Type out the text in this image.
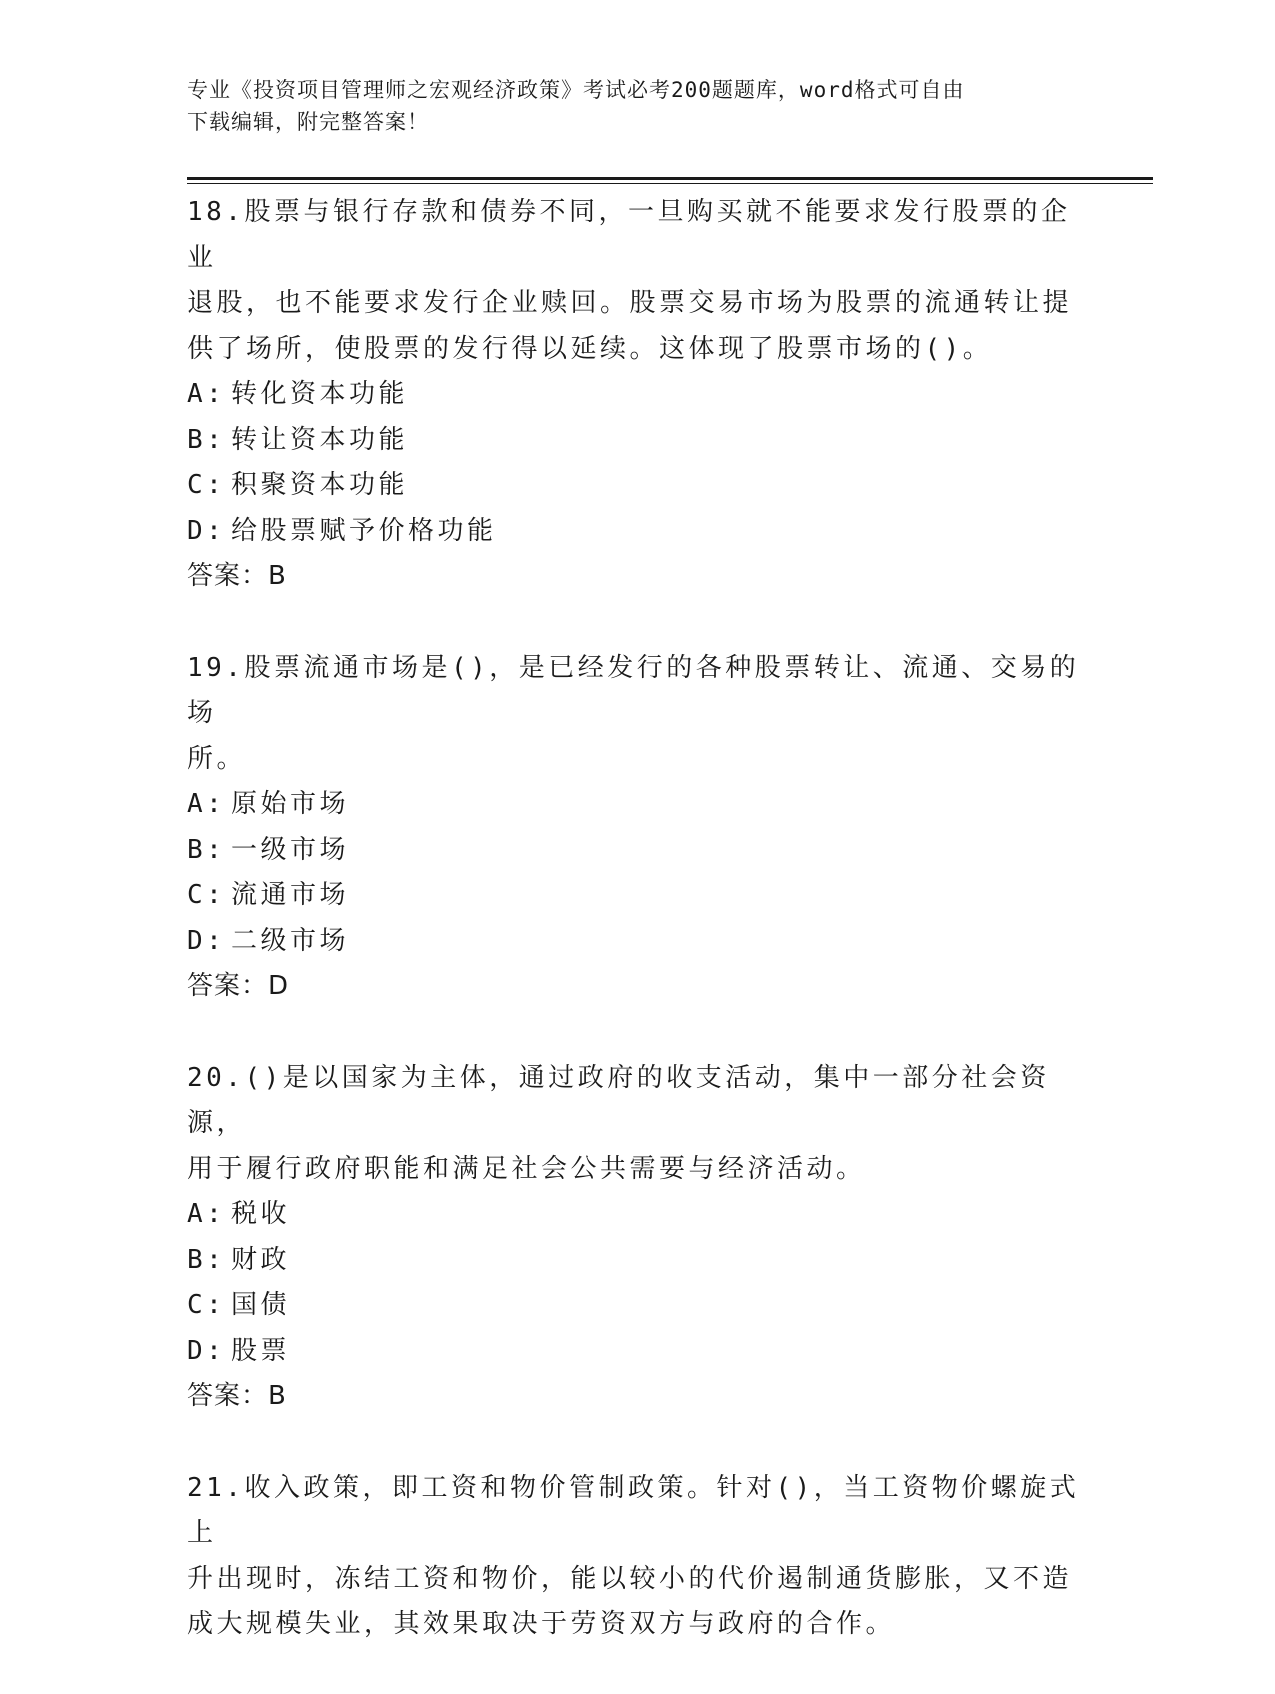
专业《投资项目管理师之宏观经济政策》考试必考200题题库，word格式可自由
下载编辑，附完整答案！

18.股票与银行存款和债券不同，一旦购买就不能要求发行股票的企业

退股，也不能要求发行企业赎回。股票交易市场为股票的流通转让提

供了场所，使股票的发行得以延续。这体现了股票市场的()。

A: 转化资本功能

B: 转让资本功能

C: 积聚资本功能

D: 给股票赋予价格功能

答案：B

19.股票流通市场是()，是已经发行的各种股票转让、流通、交易的场

所。

A: 原始市场

B: 一级市场

C: 流通市场

D: 二级市场

答案：D

20.()是以国家为主体，通过政府的收支活动，集中一部分社会资源，

用于履行政府职能和满足社会公共需要与经济活动。

A: 税收

B: 财政

C: 国债

D: 股票

答案：B

21.收入政策，即工资和物价管制政策。针对()，当工资物价螺旋式上

升出现时，冻结工资和物价，能以较小的代价遏制通货膨胀，又不造

成大规模失业，其效果取决于劳资双方与政府的合作。
